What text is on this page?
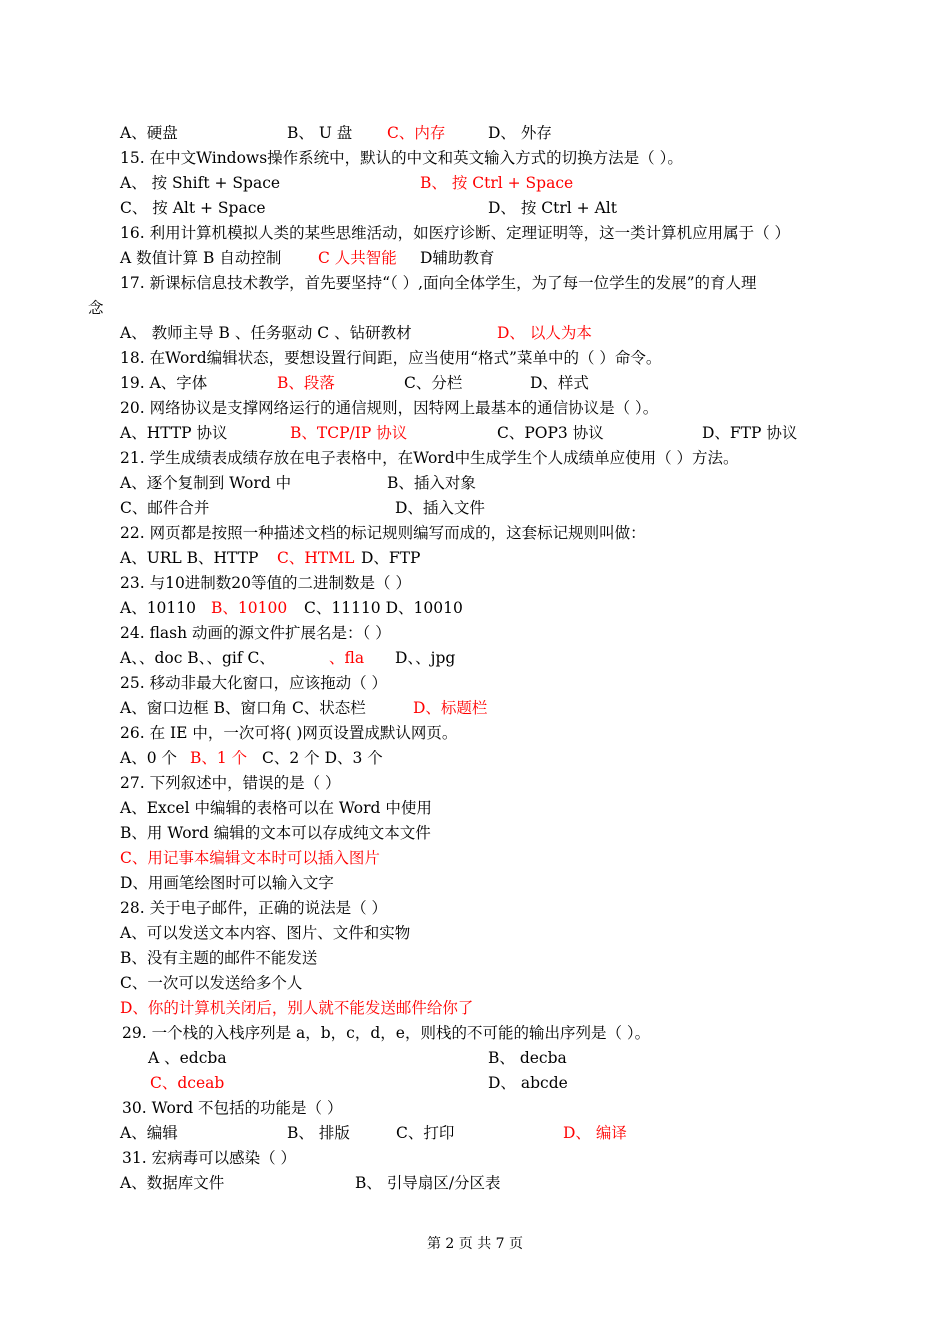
A、硬盘	B、 U 盘 C、内存	D、 外存
15. 在中文Windows操作系统中，默认的中文和英文输入方式的切换方法是（ ）。
A、 按 Shift + Space	B、 按 Ctrl + Space
C、 按 Alt + Space	D、 按 Ctrl + Alt
16. 利用计算机模拟人类的某些思维活动，如医疗诊断、定理证明等，这一类计算机应用属于（ ）
A 数值计算 B 自动控制 C 人共智能 D辅助教育
17. 新课标信息技术教学，首先要坚持“（ ）,面向全体学生，为了每一位学生的发展”的育人理
念
A、 教师主导 B 、任务驱动 C 、钻研教材	D、 以人为本
18. 在Word编辑状态，要想设置行间距，应当使用“格式”菜单中的（ ）命令。
19. A、字体	B、段落	C、分栏	D、样式
20. 网络协议是支撑网络运行的通信规则，因特网上最基本的通信协议是（ ）。
A、HTTP 协议	B、TCP/IP 协议	C、POP3 协议	D、FTP 协议
21. 学生成绩表成绩存放在电子表格中，在Word中生成学生个人成绩单应使用（ ）方法。
A、逐个复制到 Word 中	B、插入对象
C、邮件合并	D、插入文件
22. 网页都是按照一种描述文档的标记规则编写而成的，这套标记规则叫做：
A、URL B、HTTP C、HTML D、FTP
23. 与10进制数20等值的二进制数是（ ）
A、10110 B、10100 C、11110 D、10010
24. flash 动画的源文件扩展名是：（ ）
A、、doc B、、gif C、	、fla D、、jpg
25. 移动非最大化窗口，应该拖动（ ）
A、窗口边框 B、窗口角 C、状态栏	D、标题栏
26. 在 IE 中，一次可将( )网页设置成默认网页。
A、0 个 B、1 个 C、2 个 D、3 个
27. 下列叙述中，错误的是（ ）
A、Excel 中编辑的表格可以在 Word 中使用
B、用 Word 编辑的文本可以存成纯文本文件
C、用记事本编辑文本时可以插入图片
D、用画笔绘图时可以输入文字
28. 关于电子邮件，正确的说法是（ ）
A、可以发送文本内容、图片、文件和实物
B、没有主题的邮件不能发送
C、一次可以发送给多个人
D、你的计算机关闭后，别人就不能发送邮件给你了
29. 一个栈的入栈序列是 a，b，c，d，e，则栈的不可能的输出序列是（ ）。
A 、edcba	B、 decba
C、dceab	D、 abcde
30. Word 不包括的功能是（ ）
A、编辑	B、 排版	C、打印	D、 编译
31. 宏病毒可以感染（ ）
A、数据库文件	B、 引导扇区/分区表
第 2 页 共 7 页
